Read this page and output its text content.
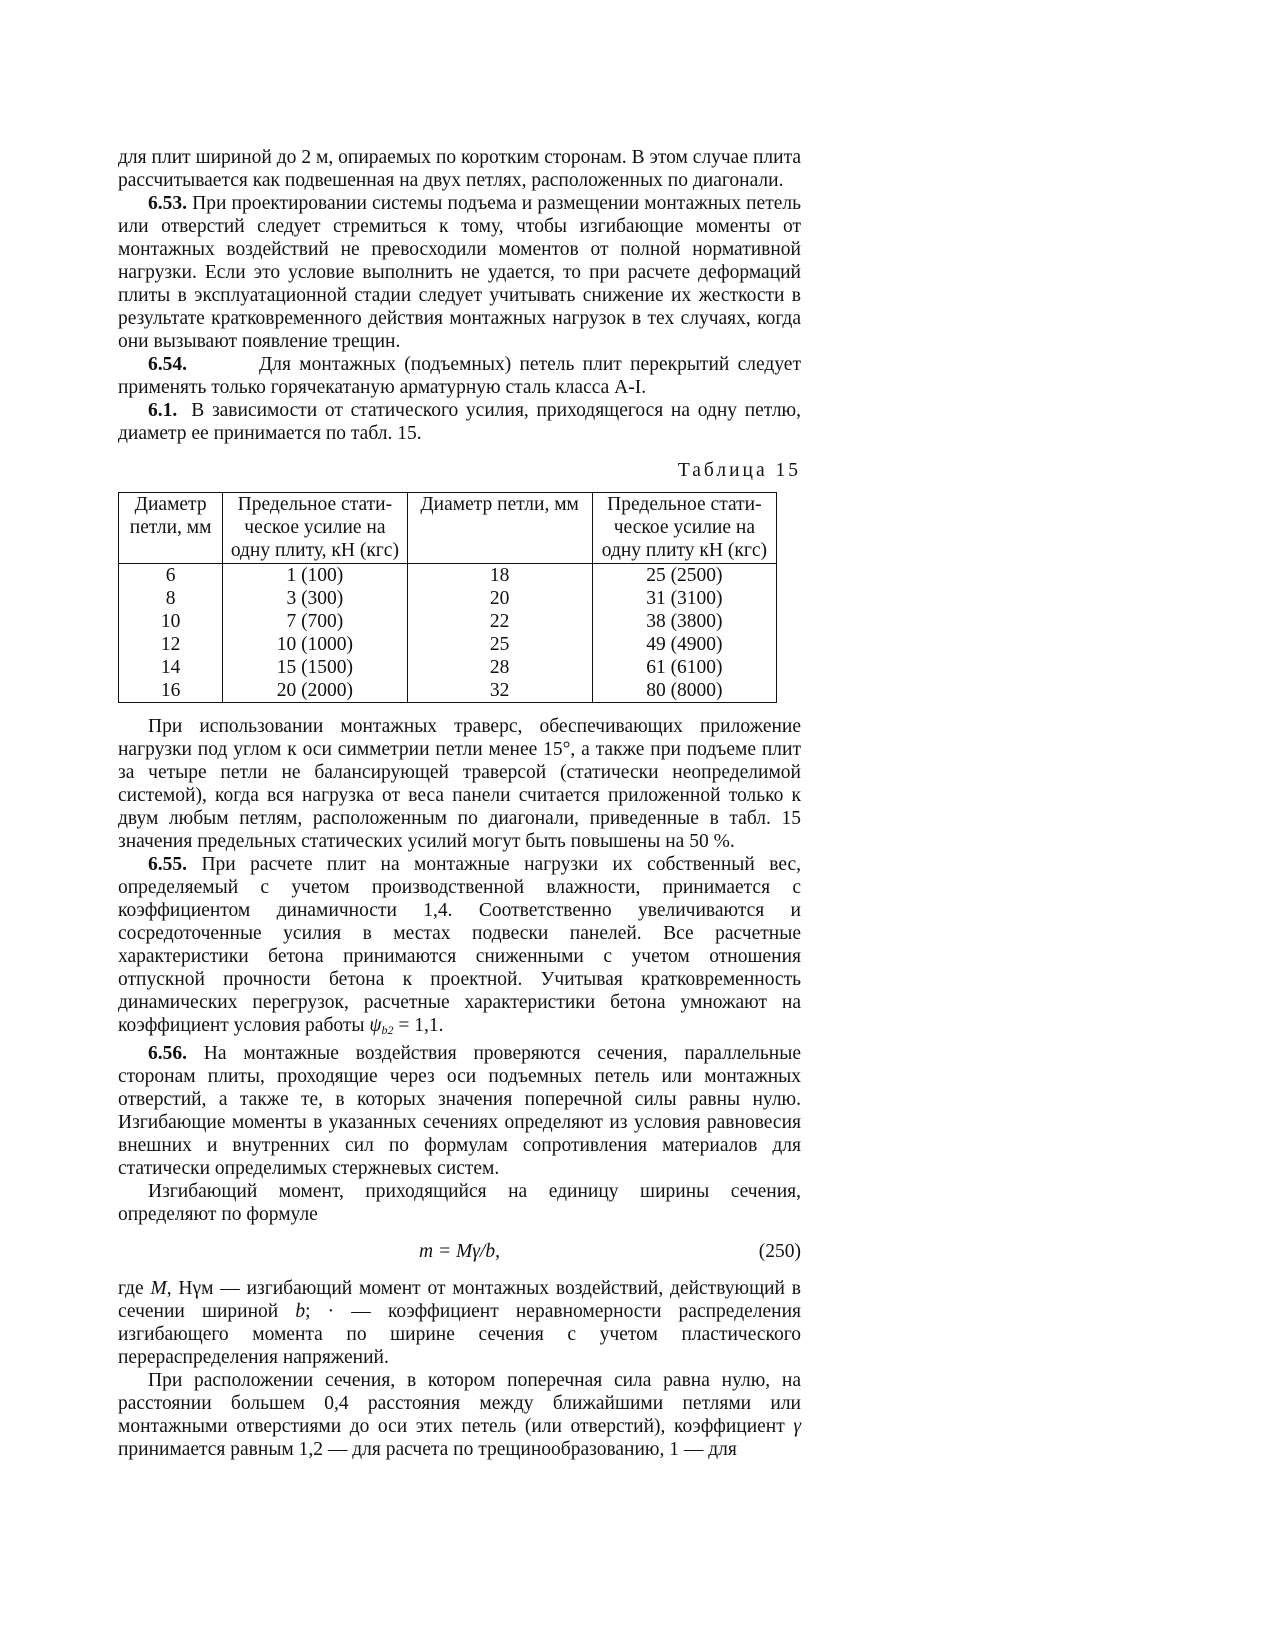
для плит шириной до 2 м, опираемых по коротким сторонам. В этом случае плита рассчитывается как подвешенная на двух петлях, расположенных по диагонали.

6.53. При проектировании системы подъема и размещении монтажных петель или отверстий следует стремиться к тому, чтобы изгибающие моменты от монтажных воздействий не превосходили моментов от полной нормативной нагрузки. Если это условие выполнить не удается, то при расчете деформаций плиты в эксплуатационной стадии следует учитывать снижение их жесткости в результате кратковременного действия монтажных нагрузок в тех случаях, когда они вызывают появление трещин.

6.54.	Для монтажных (подъемных) петель плит перекрытий следует применять только горячекатаную арматурную сталь класса A-I.

6.1. В зависимости от статического усилия, приходящегося на одну петлю, диаметр ее принимается по табл. 15.

Таблица 15
Диаметр петли, мм	Предельное стати-ческое усилие на одну плиту, кН (кгс)	Диаметр петли, мм	Предельное стати-ческое усилие на одну плиту кН (кгс)
6	1 (100)	18	25 (2500)
8	3 (300)	20	31 (3100)
10	7 (700)	22	38 (3800)
12	10 (1000)	25	49 (4900)
14	15 (1500)	28	61 (6100)
16	20 (2000)	32	80 (8000)

При использовании монтажных траверс, обеспечивающих приложение нагрузки под углом к оси симметрии петли менее 15°, а также при подъеме плит за четыре петли не балансирующей траверсой (статически неопределимой системой), когда вся нагрузка от веса панели считается приложенной только к двум любым петлям, расположенным по диагонали, приведенные в табл. 15 значения предельных статических усилий могут быть повышены на 50 %.

6.55. При расчете плит на монтажные нагрузки их собственный вес, определяемый с учетом производственной влажности, принимается с коэффициентом динамичности 1,4. Соответственно увеличиваются и сосредоточенные усилия в местах подвески панелей. Все расчетные характеристики бетона принимаются сниженными с учетом отношения отпускной прочности бетона к проектной. Учитывая кратковременность динамических перегрузок, расчетные характеристики бетона умножают на коэффициент условия работы $\psi_{b2} = 1,1$.

6.56. На монтажные воздействия проверяются сечения, параллельные сторонам плиты, проходящие через оси подъемных петель или монтажных отверстий, а также те, в которых значения поперечной силы равны нулю. Изгибающие моменты в указанных сечениях определяют из условия равновесия внешних и внутренних сил по формулам сопротивления материалов для статически определимых стержневых систем.

Изгибающий момент, приходящийся на единицу ширины сечения, определяют по формуле

m = Mγ/b,	(250)

где M, Нγм — изгибающий момент от монтажных воздействий, действующий в сечении шириной b; · — коэффициент неравномерности распределения изгибающего момента по ширине сечения с учетом пластического перераспределения напряжений.

При расположении сечения, в котором поперечная сила равна нулю, на расстоянии большем 0,4 расстояния между ближайшими петлями или монтажными отверстиями до оси этих петель (или отверстий), коэффициент γ принимается равным 1,2 — для расчета по трещинообразованию, 1 — для
